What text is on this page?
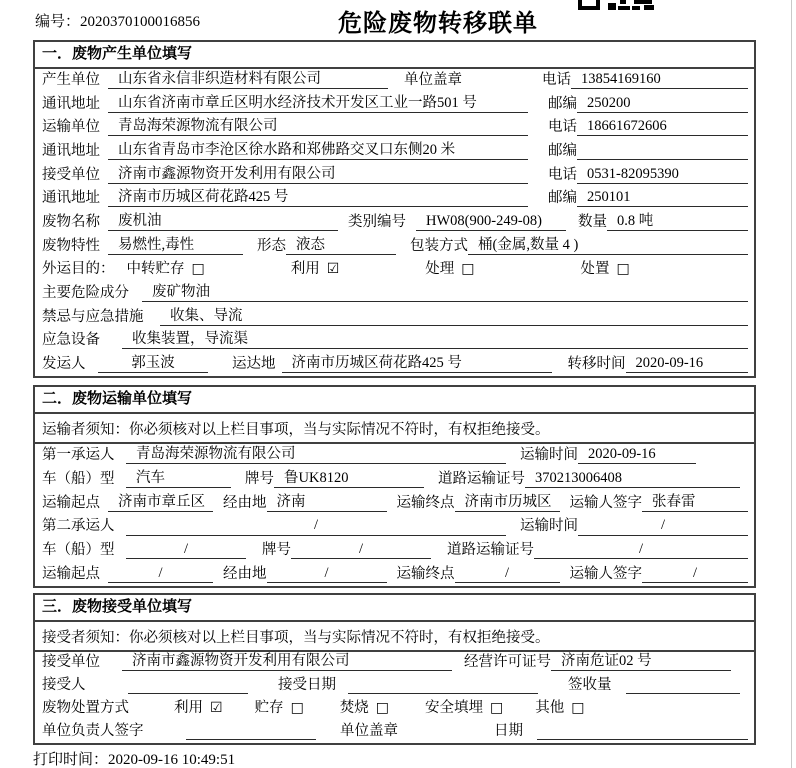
编号：2020370100016856	危险废物转移联单
一．废物产生单位填写
产生单位	山东省永信非织造材料有限公司	单位盖章	电话 13854169160
通讯地址	山东省济南市章丘区明水经济技术开发区工业一路501 号	邮编 250200
运输单位	青岛海荣源物流有限公司	电话 18661672606
通讯地址	山东省青岛市李沧区徐水路和郑佛路交叉口东侧20 米	邮编
接受单位	济南市鑫源物资开发利用有限公司	电话 0531-82095390
通讯地址	济南市历城区荷花路425 号	邮编 250101
废物名称	废机油	类别编号	HW08(900-249-08)	数量 0.8 吨
废物特性	易燃性,毒性	形态 液态	包装方式 桶(金属,数量 4 )
外运目的： 中转贮存 □	利用 ☑	处理 □	处置 □
主要危险成分	废矿物油
禁忌与应急措施	收集、导流
应急设备	收集装置，导流渠
发运人	郭玉波	运达地	济南市历城区荷花路425 号	转移时间 2020-09-16
二．废物运输单位填写
运输者须知：你必须核对以上栏目事项，当与实际情况不符时，有权拒绝接受。
第一承运人	青岛海荣源物流有限公司	运输时间 2020-09-16
车（船）型	汽车	牌号 鲁UK8120	道路运输证号 370213006408
运输起点	济南市章丘区	经由地 济南	运输终点 济南市历城区	运输人签字 张春雷
第二承运人	/	运输时间	/
车（船）型	/	牌号	/	道路运输证号	/
运输起点	/	经由地	/	运输终点	/	运输人签字	/
三．废物接受单位填写
接受者须知：你必须核对以上栏目事项，当与实际情况不符时，有权拒绝接受。
接受单位	济南市鑫源物资开发利用有限公司	经营许可证号 济南危证02 号
接受人	接受日期	签收量
废物处置方式	利用 ☑ 贮存 □ 焚烧 □ 安全填埋 □ 其他 □
单位负责人签字	单位盖章	日期
打印时间：2020-09-16 10:49:51
